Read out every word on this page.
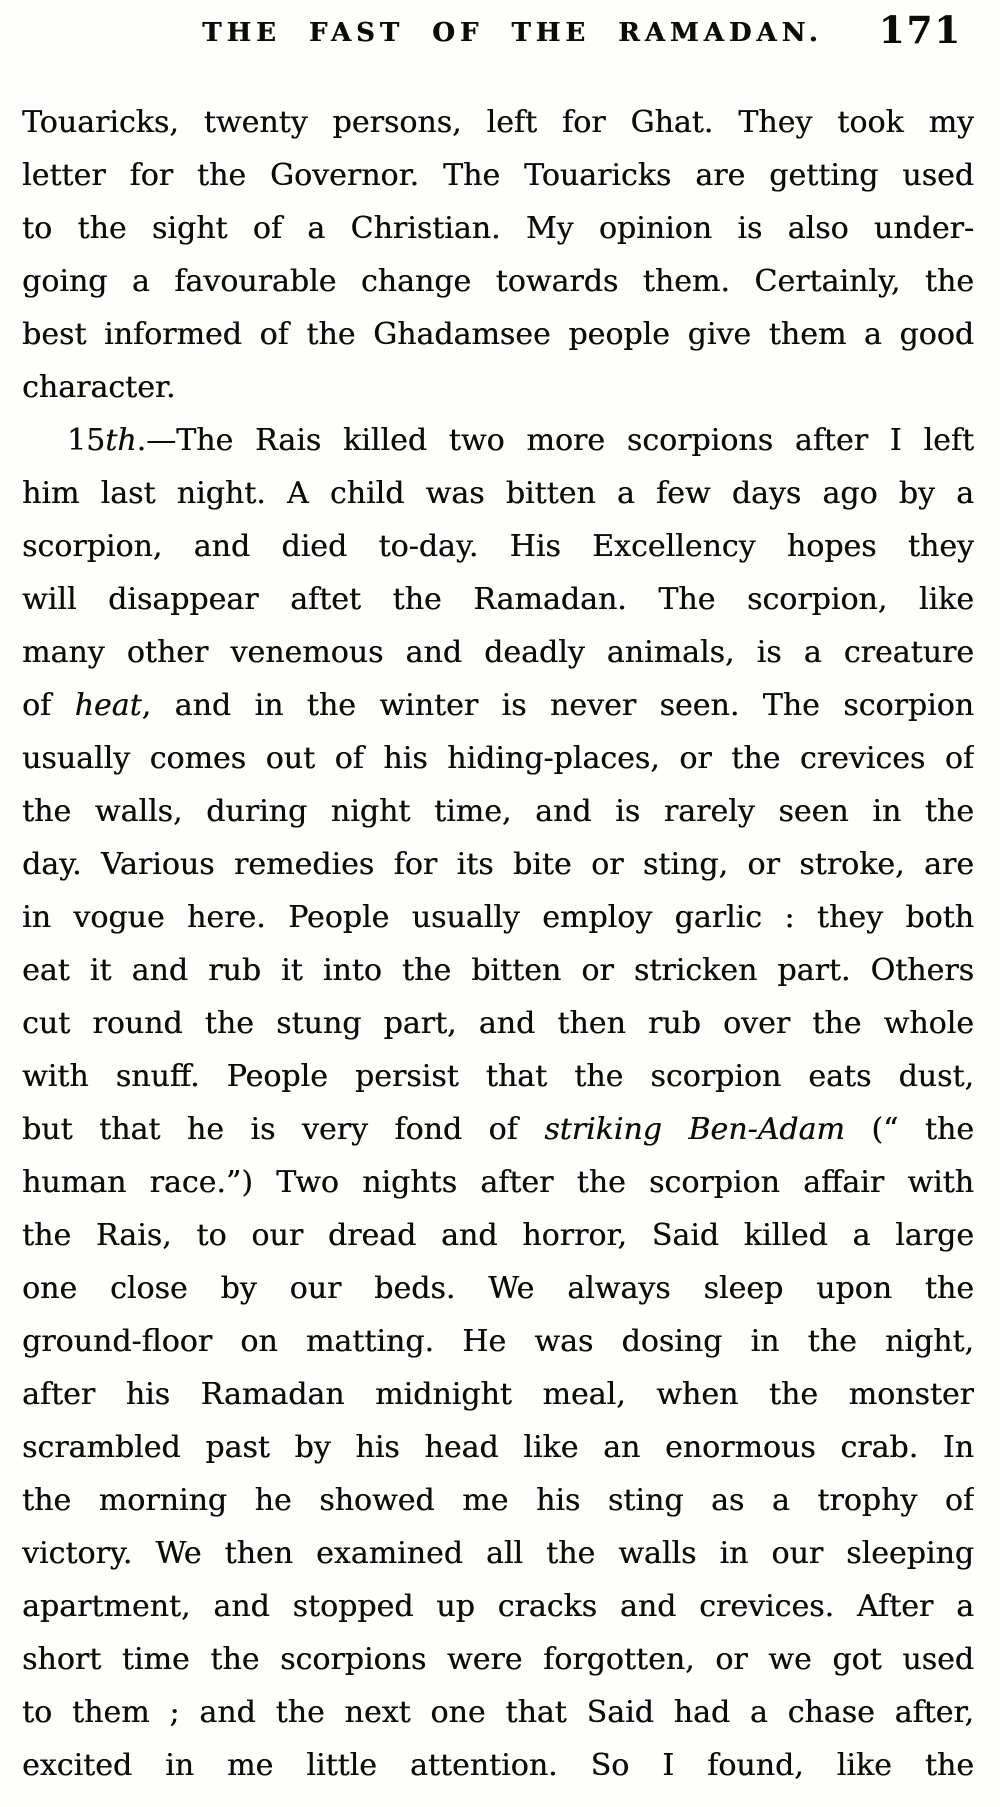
THE FAST OF THE RAMADAN. 171
Touaricks, twenty persons, left for Ghat. They took my
letter for the Governor. The Touaricks are getting used
to the sight of a Christian. My opinion is also under-
going a favourable change towards them. Certainly, the
best informed of the Ghadamsee people give them a good
character.
15th.—The Rais killed two more scorpions after I left
him last night. A child was bitten a few days ago by a
scorpion, and died to-day. His Excellency hopes they
will disappear aftet the Ramadan. The scorpion, like
many other venemous and deadly animals, is a creature
of heat, and in the winter is never seen. The scorpion
usually comes out of his hiding-places, or the crevices of
the walls, during night time, and is rarely seen in the
day. Various remedies for its bite or sting, or stroke, are
in vogue here. People usually employ garlic : they both
eat it and rub it into the bitten or stricken part. Others
cut round the stung part, and then rub over the whole
with snuff. People persist that the scorpion eats dust,
but that he is very fond of striking Ben-Adam (“ the
human race.”) Two nights after the scorpion affair with
the Rais, to our dread and horror, Said killed a large
one close by our beds. We always sleep upon the
ground-floor on matting. He was dosing in the night,
after his Ramadan midnight meal, when the monster
scrambled past by his head like an enormous crab. In
the morning he showed me his sting as a trophy of
victory. We then examined all the walls in our sleeping
apartment, and stopped up cracks and crevices. After a
short time the scorpions were forgotten, or we got used
to them ; and the next one that Said had a chase after,
excited in me little attention. So I found, like the
